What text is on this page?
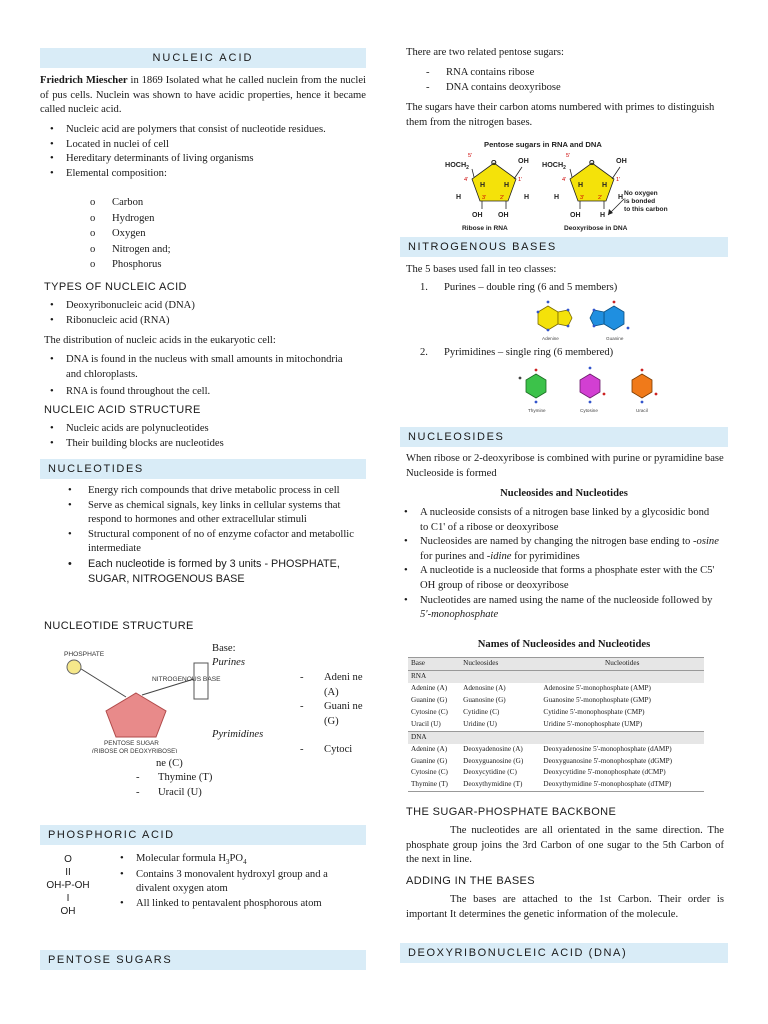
NUCLEIC ACID

Friedrich Miescher in 1869 Isolated what he called nuclein from the nuclei of pus cells. Nuclein was shown to have acidic properties, hence it became called nucleic acid.

• Nucleic acid are polymers that consist of nucleotide residues.
• Located in nuclei of cell
• Hereditary determinants of living organisms
• Elemental composition:
o Carbon
o Hydrogen
o Oxygen
o Nitrogen and;
o Phosphorus
TYPES OF NUCLEIC ACID
• Deoxyribonucleic acid (DNA)
• Ribonucleic acid (RNA)

The distribution of nucleic acids in the eukaryotic cell:

• DNA is found in the nucleus with small amounts in mitochondria and chloroplasts.
• RNA is found throughout the cell.
NUCLEIC ACID STRUCTURE
• Nucleic acids are polynucleotides
• Their building blocks are nucleotides
NUCLEOTIDES
• Energy rich compounds that drive metabolic process in cell
• Serve as chemical signals, key links in cellular systems that respond to hormones and other extracellular stimuli
• Structural component of no of enzyme cofactor and metabollic intermediate
• Each nucleotide is formed by 3 units - PHOSPHATE, SUGAR, NITROGENOUS BASE
NUCLEOTIDE STRUCTURE
PHOSPHATE
NITROGENOUS BASE
PENTOSE SUGAR
(RIBOSE OR DEOXYRIBOSE)
Base:
Purines
- Adeni ne (A)
- Guani ne (G)
Pyrimidines
- Cytoci
ne (C)
- Thymine (T)
- Uracil (U)
PHOSPHORIC ACID
O
II
OH-P-OH
I
OH
• Molecular formula $H_3PO_4$
• Contains 3 monovalent hydroxyl group and a divalent oxygen atom
• All linked to pentavalent phosphorous atom
PENTOSE SUGARS

There are two related pentose sugars:

- RNA contains ribose
- DNA contains deoxyribose

The sugars have their carbon atoms numbered with primes to distinguish them from the nitrogen bases.

Pentose sugars in RNA and DNA
5'
$HOCH_2$
O	OH
4'	1'
H	H
H	H
3' 2'
OH OH
Ribose in RNA
5'
$HOCH_2$
O	OH
4'	1'
H	H
H	H
3' 2'
OH	H
No oxygen
is bonded
to this carbon
Deoxyribose in DNA
NITROGENOUS BASES

The 5 bases used fall in teo classes:

1. Purines – double ring (6 and 5 members)
Adenine	Guanine
2. Pyrimidines – single ring (6 membered)
Thymine	Cytosine	Uracil
NUCLEOSIDES

When ribose or 2-deoxyribose is combined with purine or pyramidine base Nucleoside is formed

Nucleosides and Nucleotides
• A nucleoside consists of a nitrogen base linked by a glycosidic bond to C1' of a ribose or deoxyribose
• Nucleosides are named by changing the nitrogen base ending to -osine for purines and -idine for pyrimidines
• A nucleotide is a nucleoside that forms a phosphate ester with the C5' OH group of ribose or deoxyribose
• Nucleotides are named using the name of the nucleoside followed by 5'-monophosphate
Names of Nucleosides and Nucleotides
Base	Nucleosides	Nucleotides
RNA		
Adenine (A)	Adenosine (A)	Adenosine 5'-monophosphate (AMP)
Guanine (G)	Guanosine (G)	Guanosine 5'-monophosphate (GMP)
Cytosine (C)	Cytidine (C)	Cytidine 5'-monophosphate (CMP)
Uracil (U)	Uridine (U)	Uridine 5'-monophosphate (UMP)
DNA		
Adenine (A)	Deoxyadenosine (A)	Deoxyadenosine 5'-monophosphate (dAMP)
Guanine (G)	Deoxyguanosine (G)	Deoxyguanosine 5'-monophosphate (dGMP)
Cytosine (C)	Deoxycytidine (C)	Deoxycytidine 5'-monophosphate (dCMP)
Thymine (T)	Deoxythymidine (T)	Deoxythymidine 5'-monophosphate (dTMP)
THE SUGAR-PHOSPHATE BACKBONE

The nucleotides are all orientated in the same direction. The phosphate group joins the 3rd Carbon of one sugar to the 5th Carbon of the next in line.

ADDING IN THE BASES

The bases are attached to the 1st Carbon. Their order is important It determines the genetic information of the molecule.

DEOXYRIBONUCLEIC ACID (DNA)
